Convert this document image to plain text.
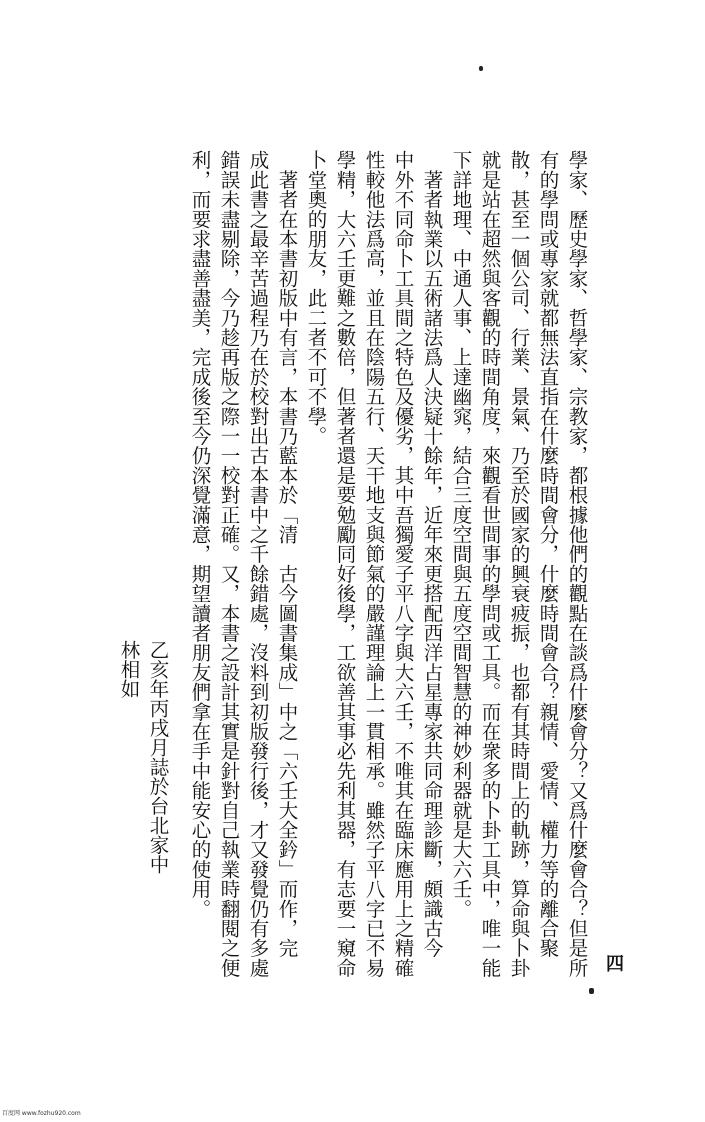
學家、歷史學家、哲學家、宗教家，都根據他們的觀點在談爲什麼會分？又爲什麼會合？但是所
有的學問或專家就都無法直指在什麼時間會分，什麼時間會合？親情、愛情、權力等的離合聚
散，甚至一個公司、行業、景氣、乃至於國家的興衰疲振，也都有其時間上的軌跡，算命與卜卦
就是站在超然與客觀的時間角度，來觀看世間事的學問或工具。而在衆多的卜卦工具中，唯一能
下詳地理、中通人事、上達幽窕，結合三度空間與五度空間智慧的神妙利器就是大六壬。
　著者執業以五術諸法爲人決疑十餘年，近年來更搭配西洋占星專家共同命理診斷，頗識古今
中外不同命卜工具間之特色及優劣，其中吾獨愛子平八字與大六壬，不唯其在臨床應用上之精確
性較他法爲高，並且在陰陽五行、天干地支與節氣的嚴謹理論上一貫相承。雖然子平八字已不易
學精，大六壬更難之數倍，但著者還是要勉勵同好後學，工欲善其事必先利其器，有志要一窺命
卜堂奧的朋友，此二者不可不學。
　著者在本書初版中有言，本書乃藍本於「清　古今圖書集成」中之「六壬大全鈐」而作，完
成此書之最辛苦過程乃在於校對出古本書中之千餘錯處，沒料到初版發行後，才又發覺仍有多處
錯誤未盡剔除，今乃趁再版之際一一校對正確。又，本書之設計其實是針對自己執業時翻閱之便
利，而要求盡善盡美，完成後至今仍深覺滿意，期望讀者朋友們拿在手中能安心的使用。
乙亥年丙戌月誌於台北家中
林相如
四
百度网 www.fozhu920.com
